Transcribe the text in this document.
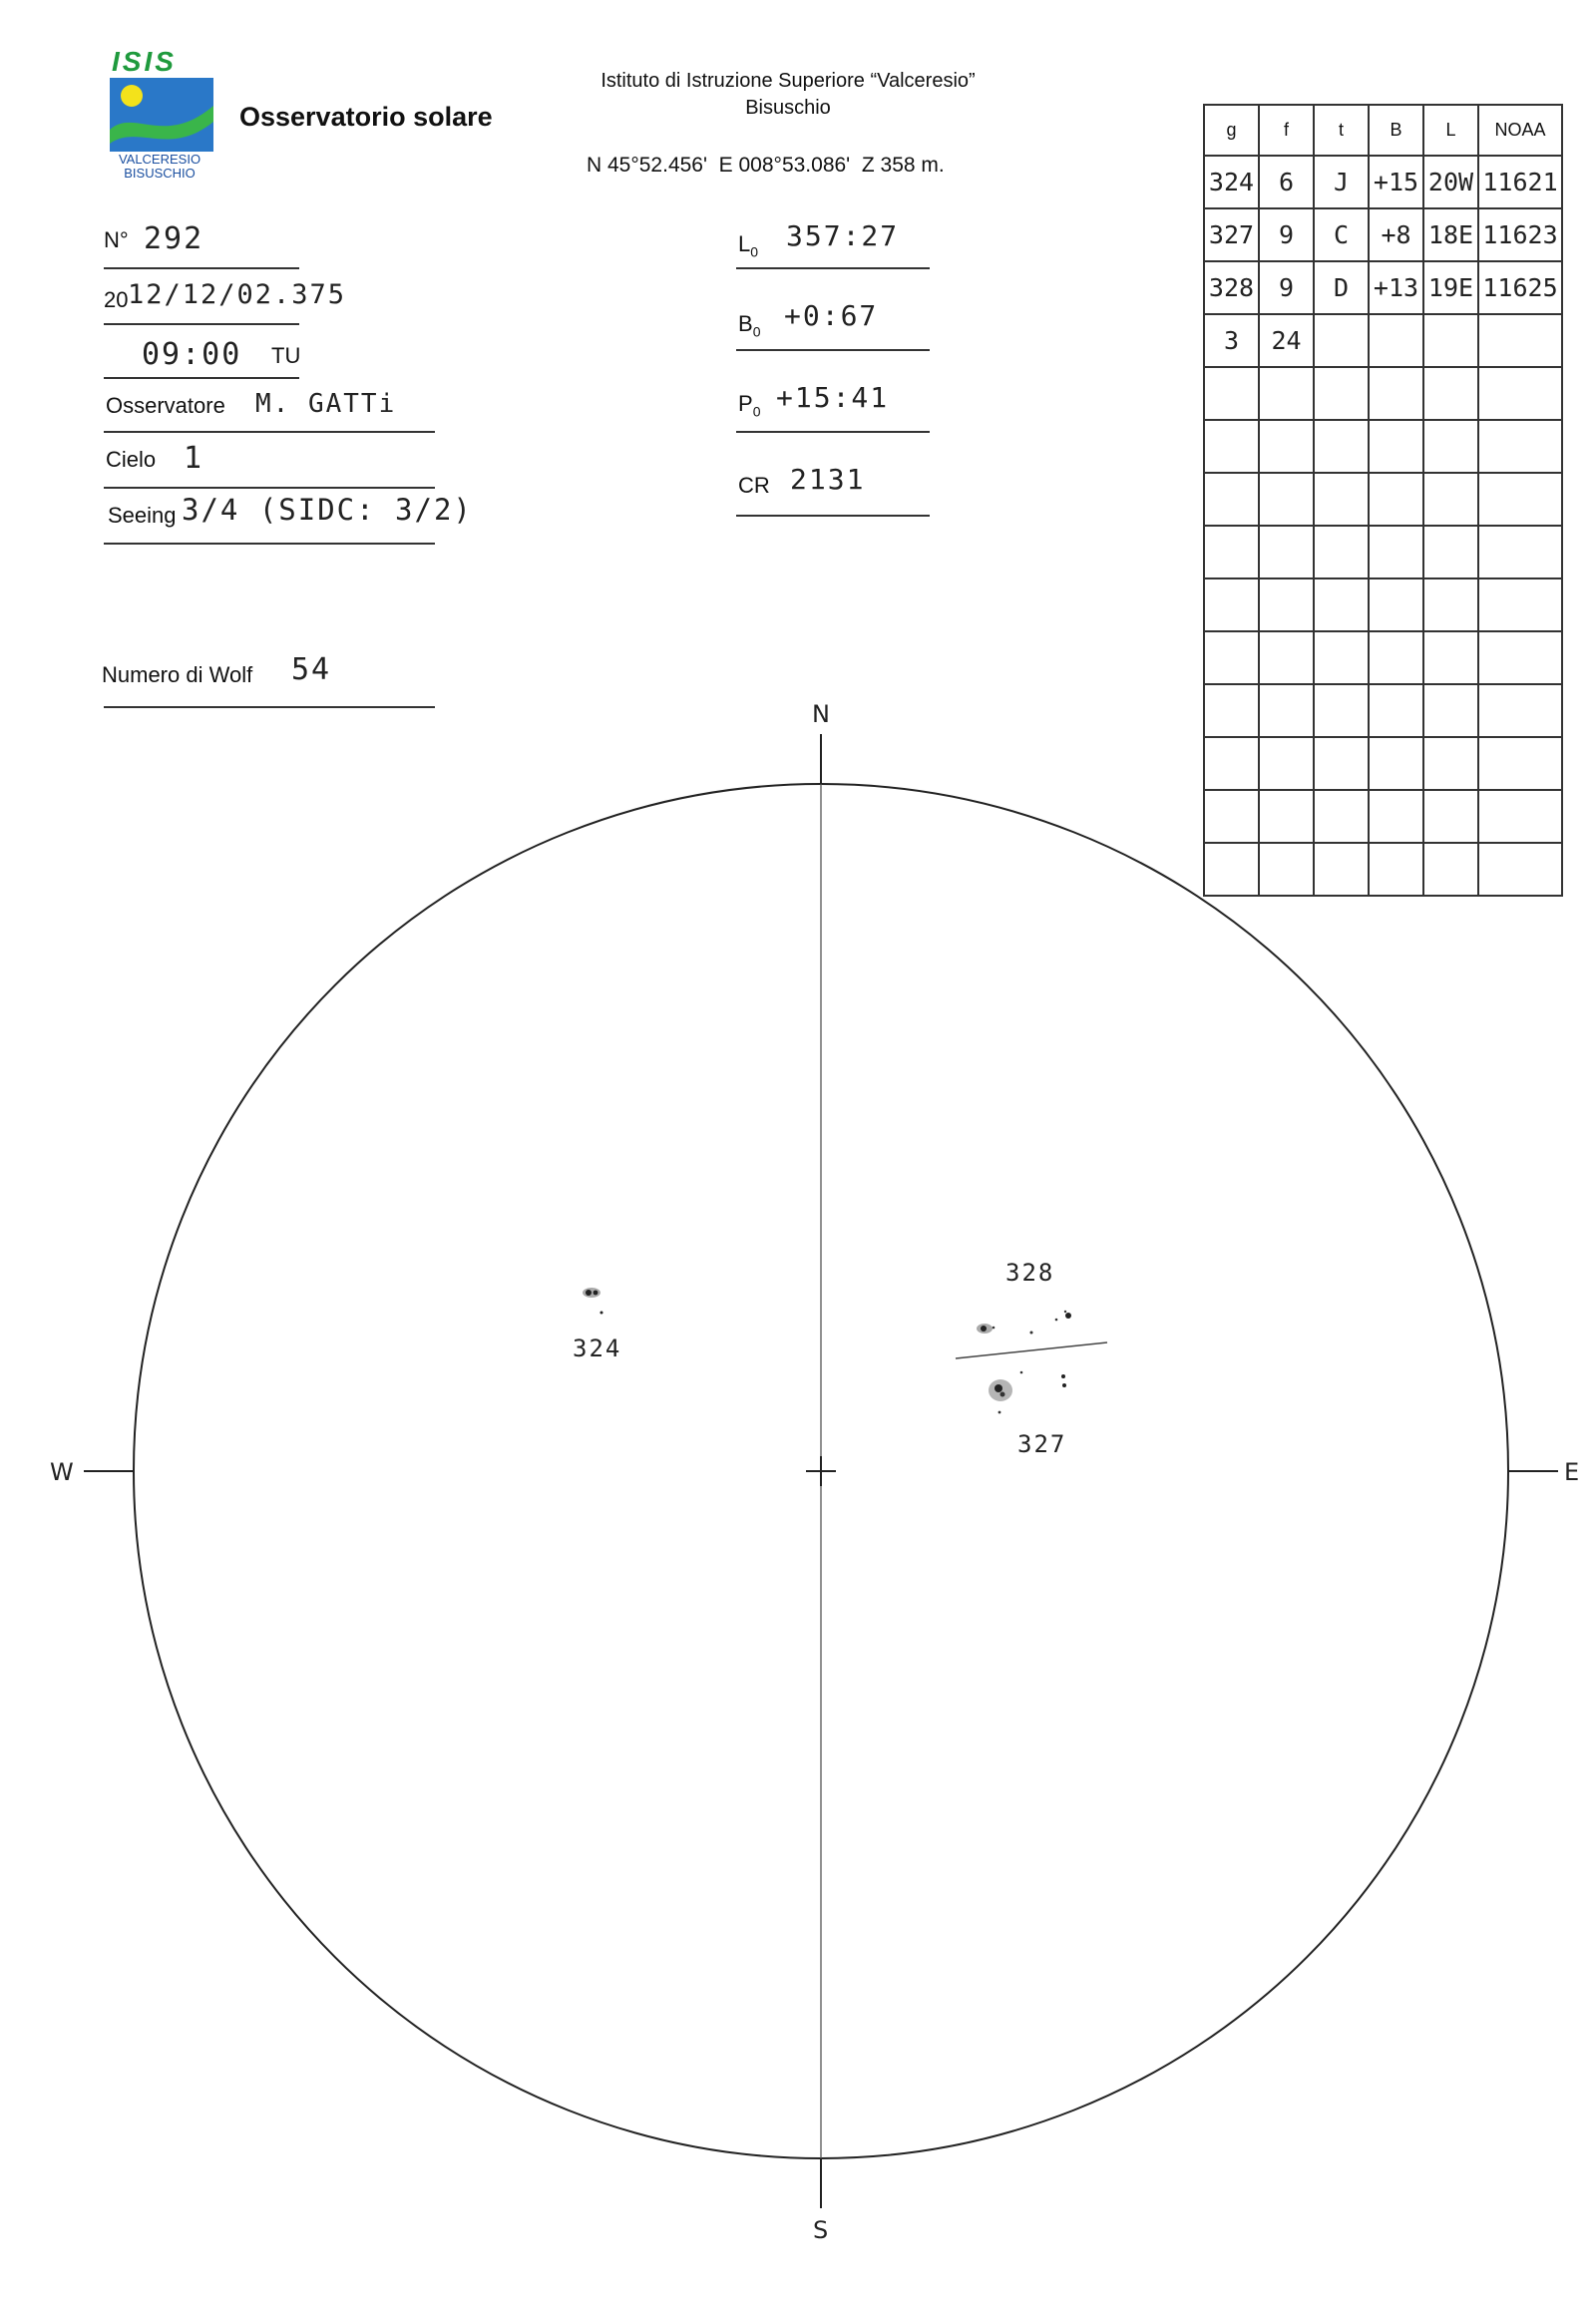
ISIS
VALCERESIO
BISUSCHIO
Osservatorio solare
Istituto di Istruzione Superiore “Valceresio”
Bisuschio
N 45°52.456'  E 008°53.086'  Z 358 m.
N° 292
20 12/12/02.375
09:00 TU
Osservatore M. GATTi
Cielo 1
Seeing 3/4 (SIDC: 3/2)
Numero di Wolf 54
$L_0$ 357:27
$B_0$ +0:67
$P_0$ +15:41
CR 2131
g	f	t	B	L	NOAA
324	6	J	+15	20W	11621
327	9	C	+8	18E	11623
328	9	D	+13	19E	11625
3	24				

N
S
W	E
324
328
327
